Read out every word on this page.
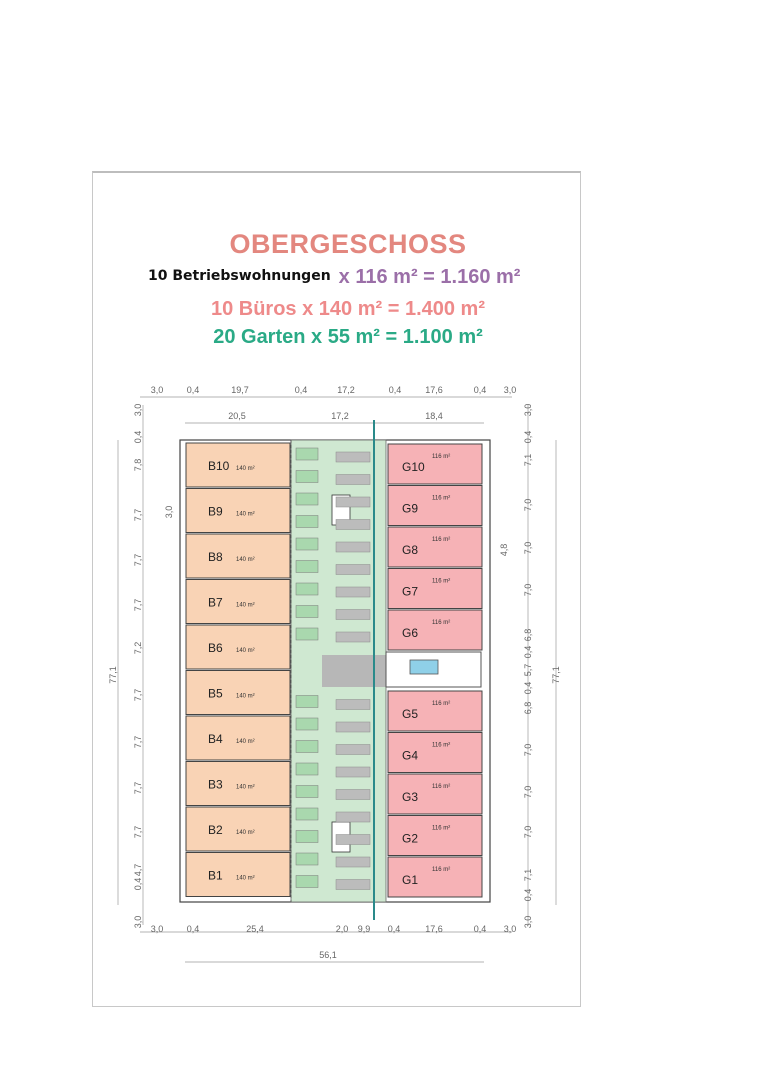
OBERGESCHOSS
10 Betriebswohnungen x 116 m² = 1.160 m²
10 Büros x 140 m² = 1.400 m²
20 Garten x 55 m² = 1.100 m²
B10 140 m²
B9 140 m²
B8 140 m²
B7 140 m²
B6 140 m²
B5 140 m²
B4 140 m²
B3 140 m²
B2 140 m²
B1 140 m²
G10
116 m²
G9
116 m²
G8
116 m²
G7
116 m²
G6
116 m²
G5
116 m²
G4
116 m²
G3
116 m²
G2
116 m²
G1
116 m²
3,0	0,4	19,7	0,4	17,2	0,4	17,6	0,4 3,0
20,5	17,2	18,4
3,0	0,4	25,4	2,0 9,9 0,4	17,6	0,4 3,0
56,1
3,0
0,4
7,8
7,7
7,7
7,7
7,2
7,7
7,7
7,7
7,7
4,7
0,4
3,0
77,1
3,0
0,4
7,1
7,0
7,0
7,0
6,8
0,4
5,7
0,4
6,8
7,0
7,0
7,0
7,1
0,4
3,0
77,1
3,0
4,8
